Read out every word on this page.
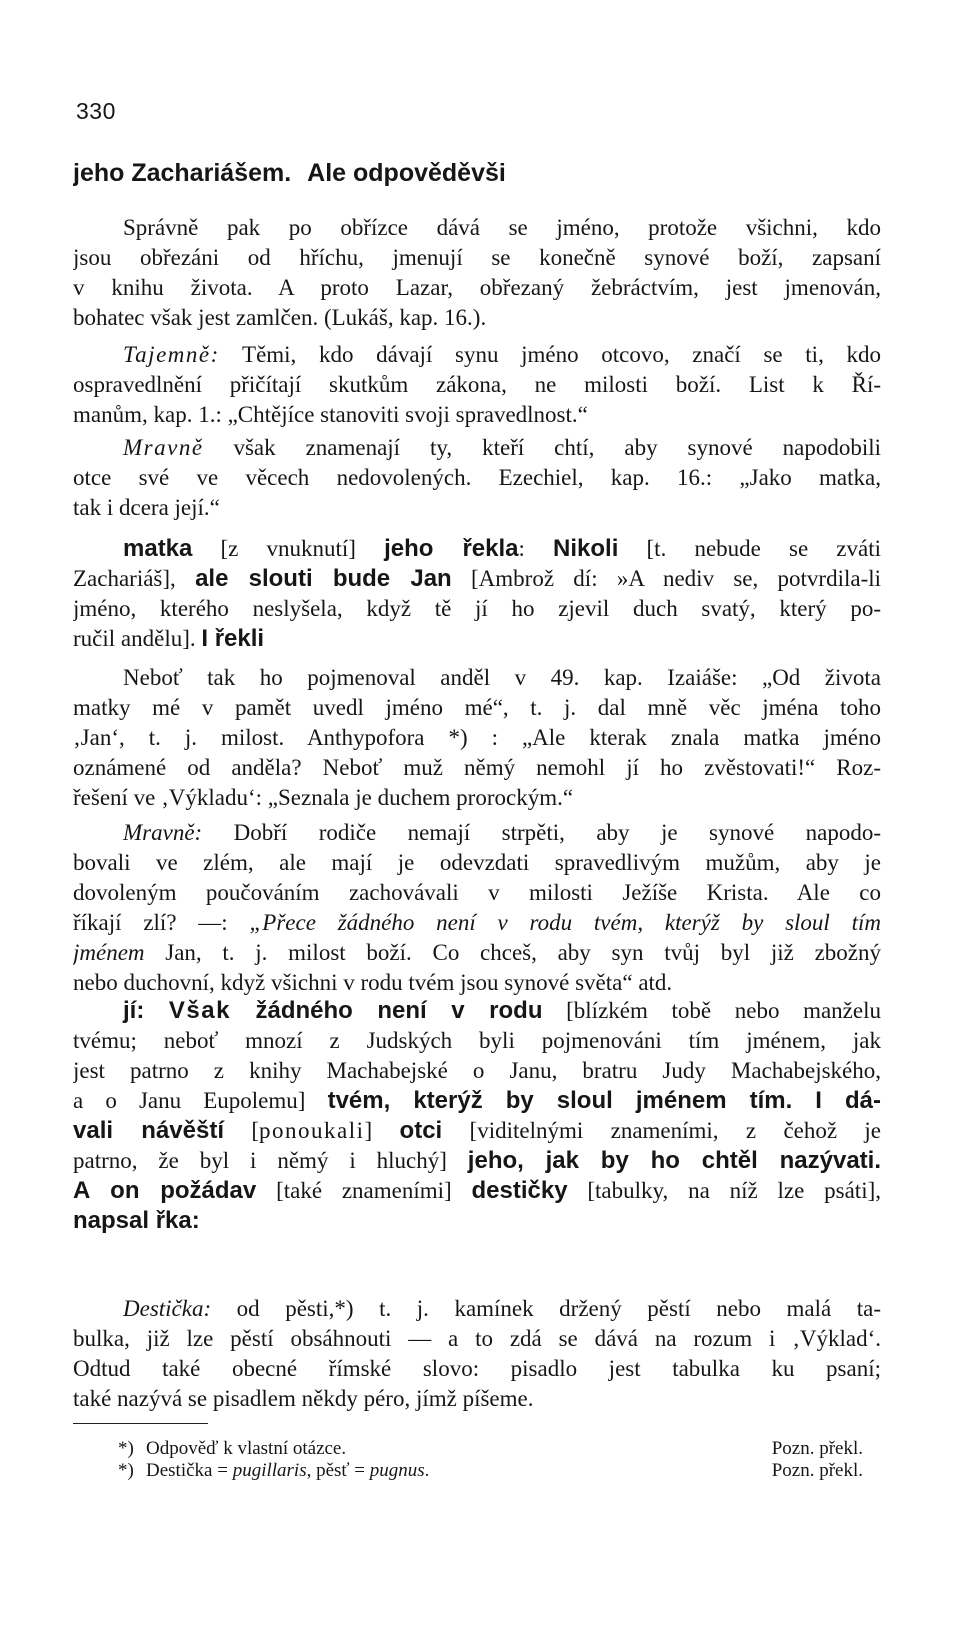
330
jeho Zachariášem. Ale odpověděvši
Správně pak po obřízce dává se jméno, protože všichni, kdo
jsou obřezáni od hříchu, jmenují se konečně synové boží, zapsaní
v knihu života. A proto Lazar, obřezaný žebráctvím, jest jmenován,
bohatec však jest zamlčen. (Lukáš, kap. 16.).
Tajemně: Těmi, kdo dávají synu jméno otcovo, značí se ti, kdo
ospravedlnění přičítají skutkům zákona, ne milosti boží. List k Ří-
manům, kap. 1.: „Chtějíce stanoviti svoji spravedlnost.“
Mravně však znamenají ty, kteří chtí, aby synové napodobili
otce své ve věcech nedovolených. Ezechiel, kap. 16.: „Jako matka,
tak i dcera její.“
matka [z vnuknutí] jeho řekla: Nikoli [t. nebude se zváti
Zachariáš], ale slouti bude Jan [Ambrož dí: »A nediv se, potvrdila-li
jméno, kterého neslyšela, když tě jí ho zjevil duch svatý, který po-
ručil andělu]. I řekli
Neboť tak ho pojmenoval anděl v 49. kap. Izaiáše: „Od života
matky mé v pamět uvedl jméno mé“, t. j. dal mně věc jména toho
‚Jan‘, t. j. milost. Anthypofora *) : „Ale kterak znala matka jméno
oznámené od anděla? Neboť muž němý nemohl jí ho zvěstovati!“ Roz-
řešení ve ‚Výkladu‘: „Seznala je duchem prorockým.“
Mravně: Dobří rodiče nemají strpěti, aby je synové napodo-
bovali ve zlém, ale mají je odevzdati spravedlivým mužům, aby je
dovoleným poučováním zachovávali v milosti Ježíše Krista. Ale co
říkají zlí? —: „Přece žádného není v rodu tvém, kterýž by sloul tím
jménem Jan, t. j. milost boží. Co chceš, aby syn tvůj byl již zbožný
nebo duchovní, když všichni v rodu tvém jsou synové světa“ atd.
jí: Však žádného není v rodu [blízkém tobě nebo manželu
tvému; neboť mnozí z Judských byli pojmenováni tím jménem, jak
jest patrno z knihy Machabejské o Janu, bratru Judy Machabejského,
a o Janu Eupolemu] tvém, kterýž by sloul jménem tím. I dá-
vali návěští [ponoukali] otci [viditelnými znameními, z čehož je
patrno, že byl i němý i hluchý] jeho, jak by ho chtěl nazývati.
A on požádav [také znameními] destičky [tabulky, na níž lze psáti],
napsal řka:
Destička: od pěsti,*) t. j. kamínek držený pěstí nebo malá ta-
bulka, již lze pěstí obsáhnouti — a to zdá se dává na rozum i ‚Výklad‘.
Odtud také obecné římské slovo: pisadlo jest tabulka ku psaní;
také nazývá se pisadlem někdy péro, jímž píšeme.
*) Odpověď k vlastní otázce.	Pozn. překl.
*) Destička = pugillaris, pěsť = pugnus.	Pozn. překl.
